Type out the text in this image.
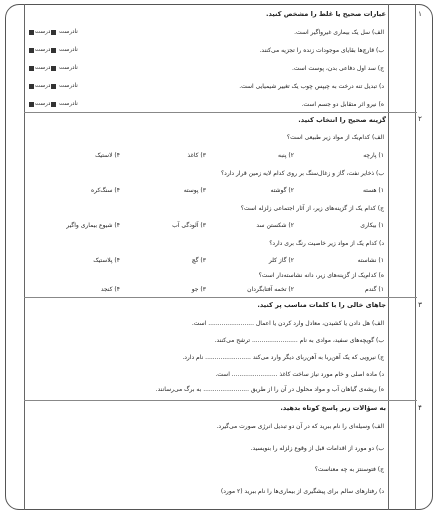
۱
۲
۳
۴
عبارات صحیح یا غلط را مشخص کنید.
الف) سل یک بیماری غیرواگیر است.
ب) قارچ‌ها بقایای موجودات زنده را تجزیه می‌کنند.
ج) سد اول دفاعی بدن، پوست است.
د) تبدیل تنه درخت به چیپس چوب یک تغییر شیمیایی است.
ه) نیرو اثر متقابل دو جسم است.
نادرست درست
نادرست درست
نادرست درست
نادرست درست
نادرست درست
گزینه صحیح را انتخاب کنید.
الف) کدام‌یک از مواد زیر طبیعی است؟
۱) پارچه
۲) پنبه
۳) کاغذ
۴) لاستیک
ب) ذخایر نفت، گاز و زغال‌سنگ بر روی کدام لایه زمین قرار دارد؟
۱) هسته
۲) گوشته
۳) پوسته
۴) سنگ‌کره
ج) کدام یک از گزینه‌های زیر، از آثار اجتماعی زلزله است؟
۱) بیکاری
۲) شکستن سد
۳) آلودگی آب
۴) شیوع بیماری واگیر
د) کدام یک از مواد زیر خاصیت رنگ بری دارد؟
۱) نشاسته
۲) گاز کلر
۳) گچ
۴) پلاستیک
ه) کدام‌یک از گزینه‌های زیر، دانه نشاسته‌دار است؟
۱) گندم
۲) تخمه آفتابگردان
۳) جو
۴) کنجد
جاهای خالی را با کلمات مناسب پر کنید.
الف) هل دادن یا کشیدن، معادل وارد کردن یا اعمال ........................ است.
ب) گویچه‌های سفید، موادی به نام ........................ ترشح می‌کنند.
ج) نیرویی که یک آهن‌ربا به آهن‌ربای دیگر وارد می‌کند ........................ نام دارد.
د) ماده اصلی و خام مورد نیاز ساخت کاغذ ........................ است.
ه) ریشه‌ی گیاهان آب و مواد محلول در آن را از طریق ........................ به برگ می‌رسانند.
به سؤالات زیر پاسخ کوتاه بدهید.
الف) وسیله‌ای را نام ببرید که در آن دو تبدیل انرژی صورت می‌گیرد.
ب) دو مورد از اقدامات قبل از وقوع زلزله را بنویسید.
ج) فتوسنتز به چه معناست؟
د) رفتارهای سالم برای پیشگیری از بیماری‌ها را نام ببرید (۲ مورد)
